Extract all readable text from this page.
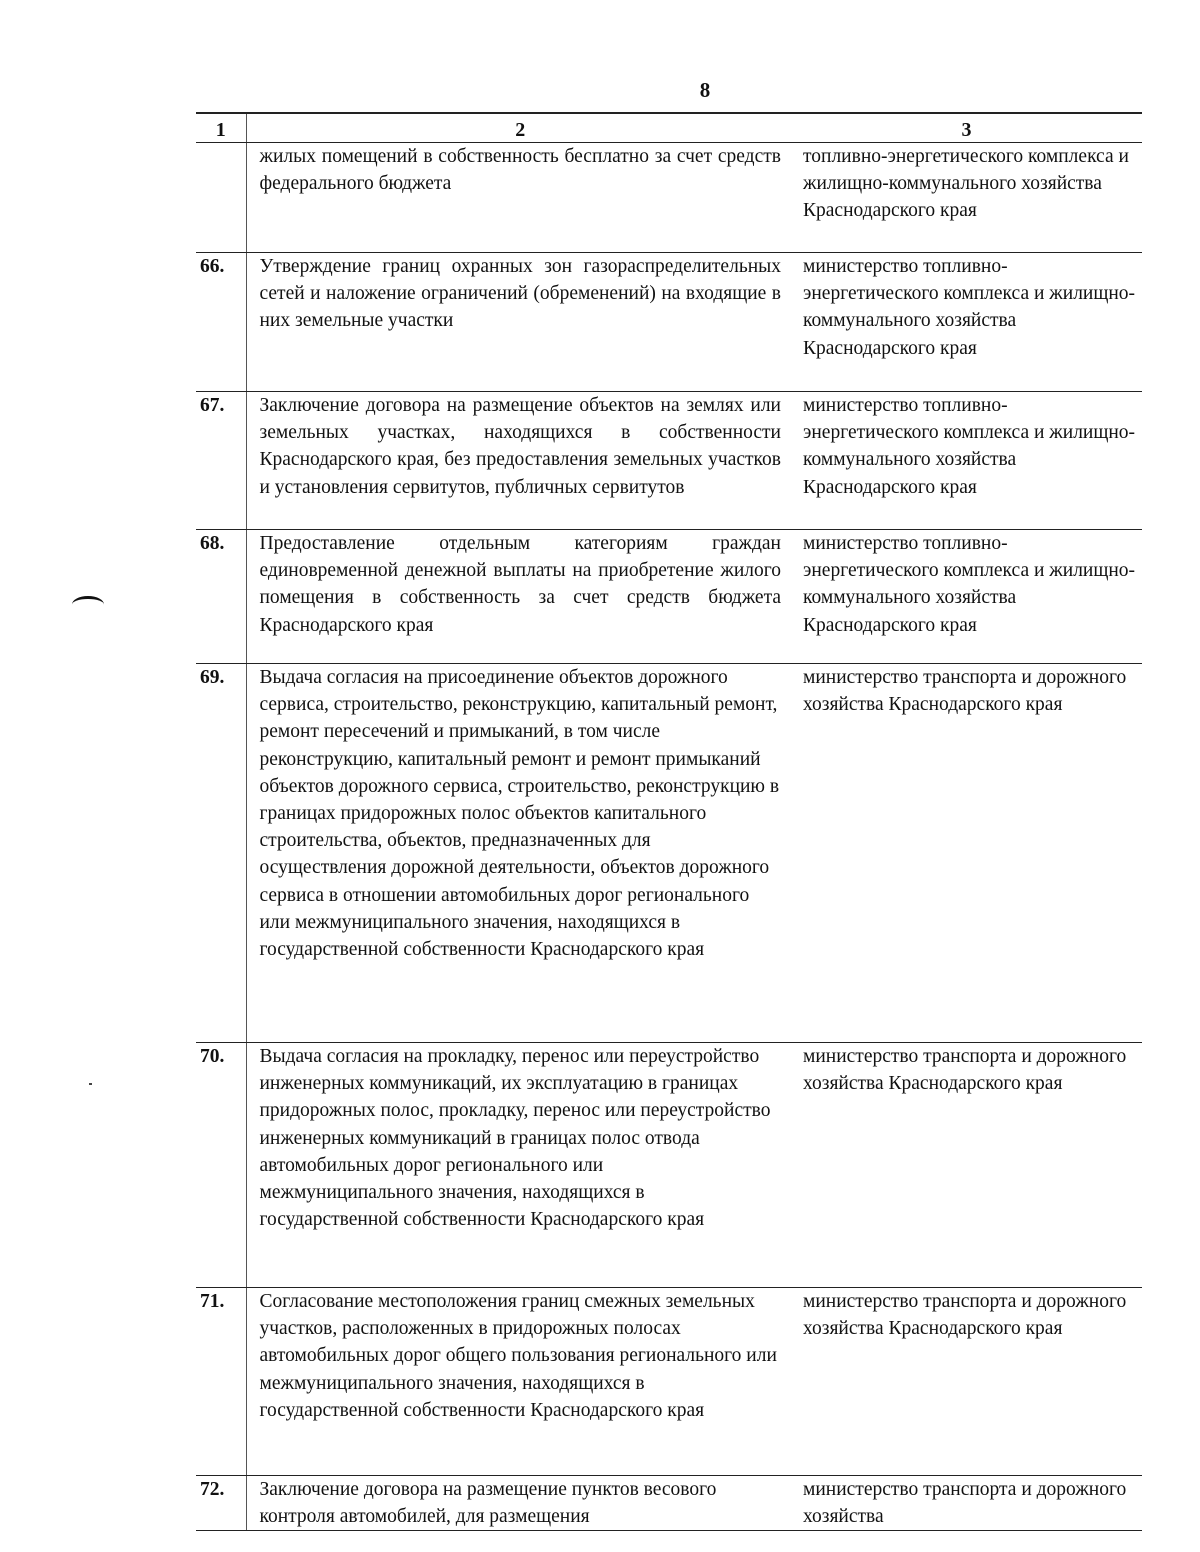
8
1	2	3
	жилых помещений в собственность бесплатно за счет средств федерального бюджета	топливно-энергетического комплекса и жилищно-коммунального хозяйства Краснодарского края
66.	Утверждение границ охранных зон газораспределительных сетей и наложение ограничений (обременений) на входящие в них земельные участки	министерство топливно-энергетического комплекса и жилищно-коммунального хозяйства Краснодарского края
67.	Заключение договора на размещение объектов на землях или земельных участках, находящихся в собственности Краснодарского края, без предоставления земельных участков и установления сервитутов, публичных сервитутов	министерство топливно-энергетического комплекса и жилищно-коммунального хозяйства Краснодарского края
68.	Предоставление отдельным категориям граждан единовременной денежной выплаты на приобретение жилого помещения в собственность за счет средств бюджета Краснодарского края	министерство топливно-энергетического комплекса и жилищно-коммунального хозяйства Краснодарского края
69.	Выдача согласия на присоединение объектов дорожного сервиса, строительство, реконструкцию, капитальный ремонт, ремонт пересечений и примыканий, в том числе реконструкцию, капитальный ремонт и ремонт примыканий объектов дорожного сервиса, строительство, реконструкцию в границах придорожных полос объектов капитального строительства, объектов, предназначенных для осуществления дорожной деятельности, объектов дорожного сервиса в отношении автомобильных дорог регионального или межмуниципального значения, находящихся в государственной собственности Краснодарского края	министерство транспорта и дорожного хозяйства Краснодарского края
70.	Выдача согласия на прокладку, перенос или переустройство инженерных коммуникаций, их эксплуатацию в границах придорожных полос, прокладку, перенос или переустройство инженерных коммуникаций в границах полос отвода автомобильных дорог регионального или межмуниципального значения, находящихся в государственной собственности Краснодарского края	министерство транспорта и дорожного хозяйства Краснодарского края
71.	Согласование местоположения границ смежных земельных участков, расположенных в придорожных полосах автомобильных дорог общего пользования регионального или межмуниципального значения, находящихся в государственной собственности Краснодарского края	министерство транспорта и дорожного хозяйства Краснодарского края
72.	Заключение договора на размещение пунктов весового контроля автомобилей, для размещения	министерство транспорта и дорожного хозяйства
